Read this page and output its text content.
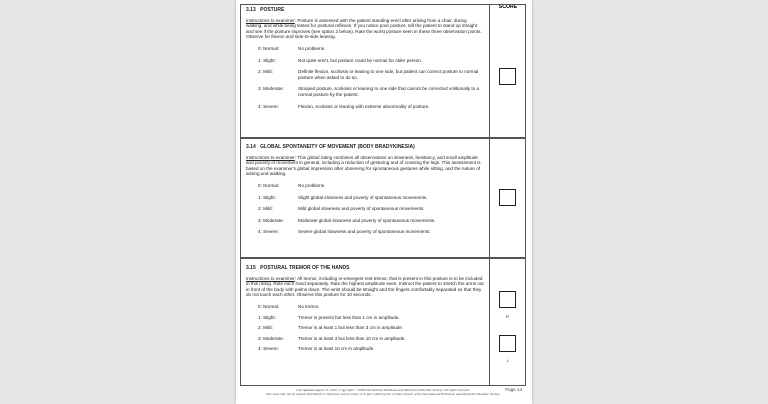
SCORE
3.13 POSTURE
Instructions to examiner: Posture is assessed with the patient standing erect after arising from a chair, during walking, and while being tested for postural reflexes. If you notice poor posture, tell the patient to stand up straight and see if the posture improves (see option 2 below). Rate the worst posture seen in these three observation points. Observe for flexion and side-to-side leaning.
0: Normal:	No problems.
1: Slight:	Not quite erect, but posture could be normal for older person.
2: Mild:	Definite flexion, scoliosis or leaning to one side, but patient can correct posture to normal posture when asked to do so.
3: Moderate:	Stooped posture, scoliosis or leaning to one side that cannot be corrected volitionally to a normal posture by the patient.
4: Severe:	Flexion, scoliosis or leaning with extreme abnormality of posture.
3.14 GLOBAL SPONTANEITY OF MOVEMENT (BODY BRADYKINESIA)
Instructions to examiner: This global rating combines all observations on slowness, hesitancy, and small amplitude and poverty of movement in general, including a reduction of gesturing and of crossing the legs. This assessment is based on the examiner's global impression after observing for spontaneous gestures while sitting, and the nature of arising and walking.
0: Normal:	No problems.
1: Slight:	Slight global slowness and poverty of spontaneous movements.
2: Mild:	Mild global slowness and poverty of spontaneous movements.
3: Moderate:	Moderate global slowness and poverty of spontaneous movements.
4: Severe:	Severe global slowness and poverty of spontaneous movements.
3.15 POSTURAL TREMOR OF THE HANDS
Instructions to examiner: All tremor, including re-emergent rest tremor, that is present in this posture is to be included in this rating. Rate each hand separately. Rate the highest amplitude seen. Instruct the patient to stretch the arms out in front of the body with palms down. The wrist should be straight and the fingers comfortably separated so that they do not touch each other. Observe this posture for 10 seconds.
0: Normal:	No tremor.
1: Slight:	Tremor is present but less than 1 cm in amplitude.
2: Mild:	Tremor is at least 1 but less than 3 cm in amplitude.
3: Moderate:	Tremor is at least 3 but less than 10 cm in amplitude.
4: Severe:	Tremor is at least 10 cm in amplitude.
R
L
Last updated August 13, 2010 | Copyright © 2008 International Parkinson and Movement Disorder Society. All rights reserved.
This scale may not be copied, distributed or otherwise used in whole or in part without prior written consent of the International Parkinson and Movement Disorder Society.
Page 14
